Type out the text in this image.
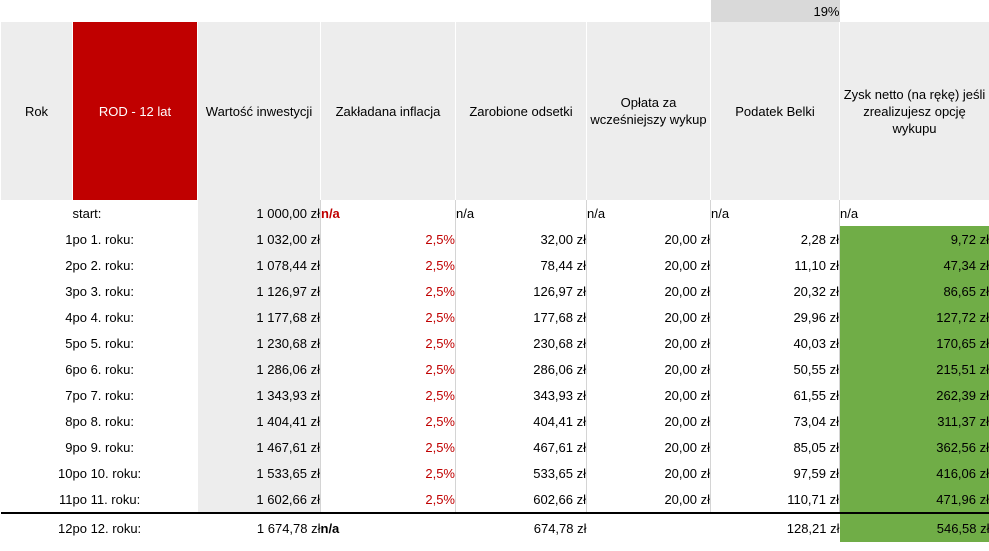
						19%	
Rok	ROD - 12 lat	Wartość inwestycji	Zakładana inflacja	Zarobione odsetki	Opłata za wcześniejszy wykup	Podatek Belki	Zysk netto (na rękę) jeśli zrealizujesz opcję wykupu
	start:	1 000,00 zł	n/a	n/a	n/a	n/a	n/a
1	po 1. roku:	1 032,00 zł	2,5%	32,00 zł	20,00 zł	2,28 zł	9,72 zł
2	po 2. roku:	1 078,44 zł	2,5%	78,44 zł	20,00 zł	11,10 zł	47,34 zł
3	po 3. roku:	1 126,97 zł	2,5%	126,97 zł	20,00 zł	20,32 zł	86,65 zł
4	po 4. roku:	1 177,68 zł	2,5%	177,68 zł	20,00 zł	29,96 zł	127,72 zł
5	po 5. roku:	1 230,68 zł	2,5%	230,68 zł	20,00 zł	40,03 zł	170,65 zł
6	po 6. roku:	1 286,06 zł	2,5%	286,06 zł	20,00 zł	50,55 zł	215,51 zł
7	po 7. roku:	1 343,93 zł	2,5%	343,93 zł	20,00 zł	61,55 zł	262,39 zł
8	po 8. roku:	1 404,41 zł	2,5%	404,41 zł	20,00 zł	73,04 zł	311,37 zł
9	po 9. roku:	1 467,61 zł	2,5%	467,61 zł	20,00 zł	85,05 zł	362,56 zł
10	po 10. roku:	1 533,65 zł	2,5%	533,65 zł	20,00 zł	97,59 zł	416,06 zł
11	po 11. roku:	1 602,66 zł	2,5%	602,66 zł	20,00 zł	110,71 zł	471,96 zł
12	po 12. roku:	1 674,78 zł	n/a	674,78 zł		128,21 zł	546,58 zł
